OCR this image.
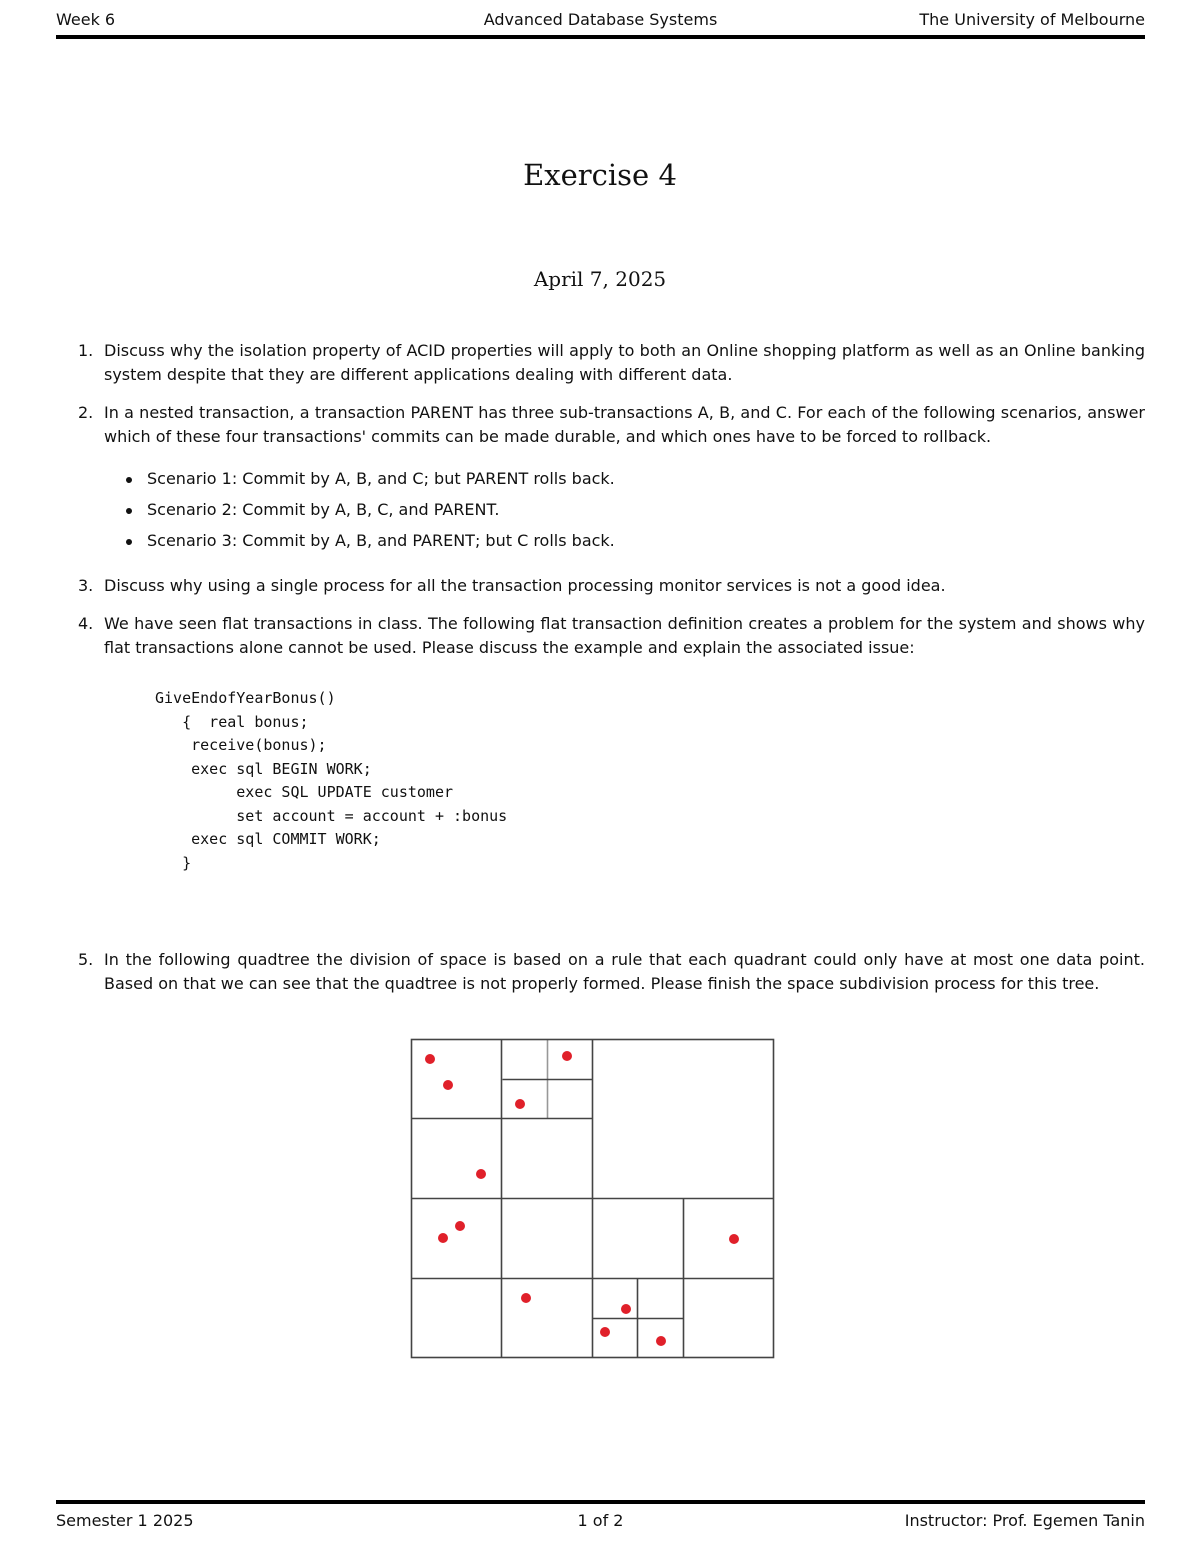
Week 6	Advanced Database Systems	The University of Melbourne
Exercise 4
April 7, 2025
1. Discuss why the isolation property of ACID properties will apply to both an Online shopping platform as well as an Online banking system despite that they are different applications dealing with different data.
2. In a nested transaction, a transaction PARENT has three sub-transactions A, B, and C. For each of the following scenarios, answer which of these four transactions' commits can be made durable, and which ones have to be forced to rollback.
Scenario 1: Commit by A, B, and C; but PARENT rolls back.
Scenario 2: Commit by A, B, C, and PARENT.
Scenario 3: Commit by A, B, and PARENT; but C rolls back.
3. Discuss why using a single process for all the transaction processing monitor services is not a good idea.
4. We have seen flat transactions in class. The following flat transaction definition creates a problem for the system and shows why flat transactions alone cannot be used. Please discuss the example and explain the associated issue:
GiveEndofYearBonus()
{  real bonus;
receive(bonus);
exec sql BEGIN WORK;
exec SQL UPDATE customer
set account = account + :bonus
exec sql COMMIT WORK;
}
5. In the following quadtree the division of space is based on a rule that each quadrant could only have at most one data point. Based on that we can see that the quadtree is not properly formed. Please finish the space subdivision process for this tree.
Semester 1 2025	1 of 2	Instructor: Prof. Egemen Tanin
